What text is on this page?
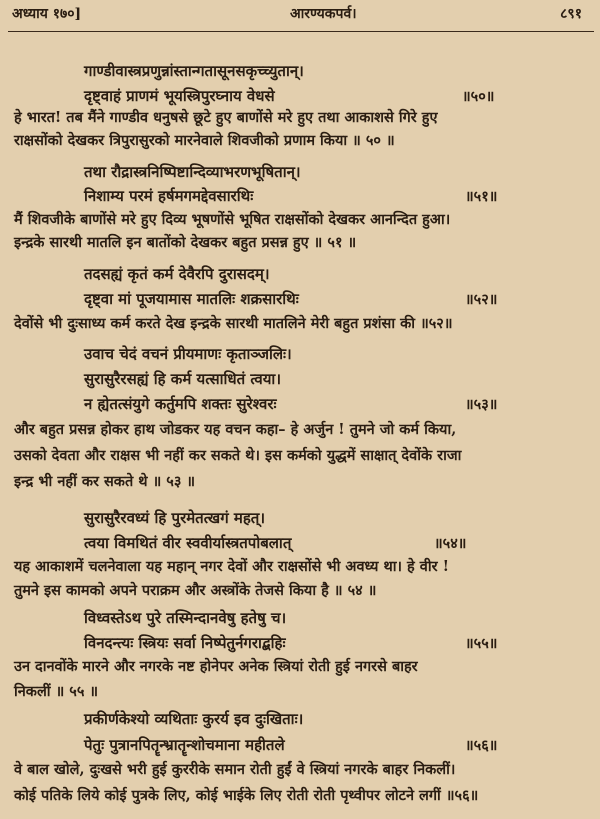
अध्याय १७०]	आरण्यकपर्व।	८९१
गाण्डीवास्त्रप्रणुन्नांस्तान्गतासूनसकृच्च्युतान्।
दृष्ट्वाहं प्राणमं भूयस्त्रिपुरघ्नाय वेधसे	॥५०॥
हे भारत! तब मैंने गाण्डीव धनुषसे छूटे हुए बाणोंसे मरे हुए तथा आकाशसे गिरे हुए
राक्षसोंको देखकर त्रिपुरासुरको मारनेवाले शिवजीको प्रणाम किया ॥ ५० ॥
तथा रौद्रास्त्रनिष्पिष्टान्दिव्याभरणभूषितान्।
निशाम्य परमं हर्षमगमद्देवसारथिः	॥५१॥
मैं शिवजीके बाणोंसे मरे हुए दिव्य भूषणोंसे भूषित राक्षसोंको देखकर आनन्दित हुआ।
इन्द्रके सारथी मातलि इन बातोंको देखकर बहुत प्रसन्न हुए ॥ ५१ ॥
तदसह्यं कृतं कर्म देवैरपि दुरासदम्।
दृष्ट्वा मां पूजयामास मातलिः शक्रसारथिः	॥५२॥
देवोंसे भी दुःसाध्य कर्म करते देख इन्द्रके सारथी मातलिने मेरी बहुत प्रशंसा की ॥५२॥
उवाच चेदं वचनं प्रीयमाणः कृताञ्जलिः।
सुरासुरैरसह्यं हि कर्म यत्साधितं त्वया।
न ह्येतत्संयुगे कर्तुमपि शक्तः सुरेश्वरः	॥५३॥
और बहुत प्रसन्न होकर हाथ जोडकर यह वचन कहा– हे अर्जुन ! तुमने जो कर्म किया,
उसको देवता और राक्षस भी नहीं कर सकते थे। इस कर्मको युद्धमें साक्षात् देवोंके राजा
इन्द्र भी नहीं कर सकते थे ॥ ५३ ॥
सुरासुरैरवध्यं हि पुरमेतत्खगं महत्।
त्वया विमथितं वीर स्ववीर्यास्त्रतपोबलात्	॥५४॥
यह आकाशमें चलनेवाला यह महान् नगर देवों और राक्षसोंसे भी अवध्य था। हे वीर !
तुमने इस कामको अपने पराक्रम और अस्त्रोंके तेजसे किया है ॥ ५४ ॥
विध्वस्तेऽथ पुरे तस्मिन्दानवेषु हतेषु च।
विनदन्त्यः स्त्रियः सर्वा निष्पेतुर्नगराद्बहिः	॥५५॥
उन दानवोंके मारने और नगरके नष्ट होनेपर अनेक स्त्रियां रोती हुई नगरसे बाहर
निकलीं ॥ ५५ ॥
प्रकीर्णकेश्यो व्यथिताः कुरर्य इव दुःखिताः।
पेतुः पुत्रानपितॄन्भ्रातॄन्शोचमाना महीतले	॥५६॥
वे बाल खोले, दुःखसे भरी हुई कुररीके समान रोती हुईं वे स्त्रियां नगरके बाहर निकलीं।
कोई पतिके लिये कोई पुत्रके लिए, कोई भाईके लिए रोती रोती पृथ्वीपर लोटने लगीं ॥५६॥
